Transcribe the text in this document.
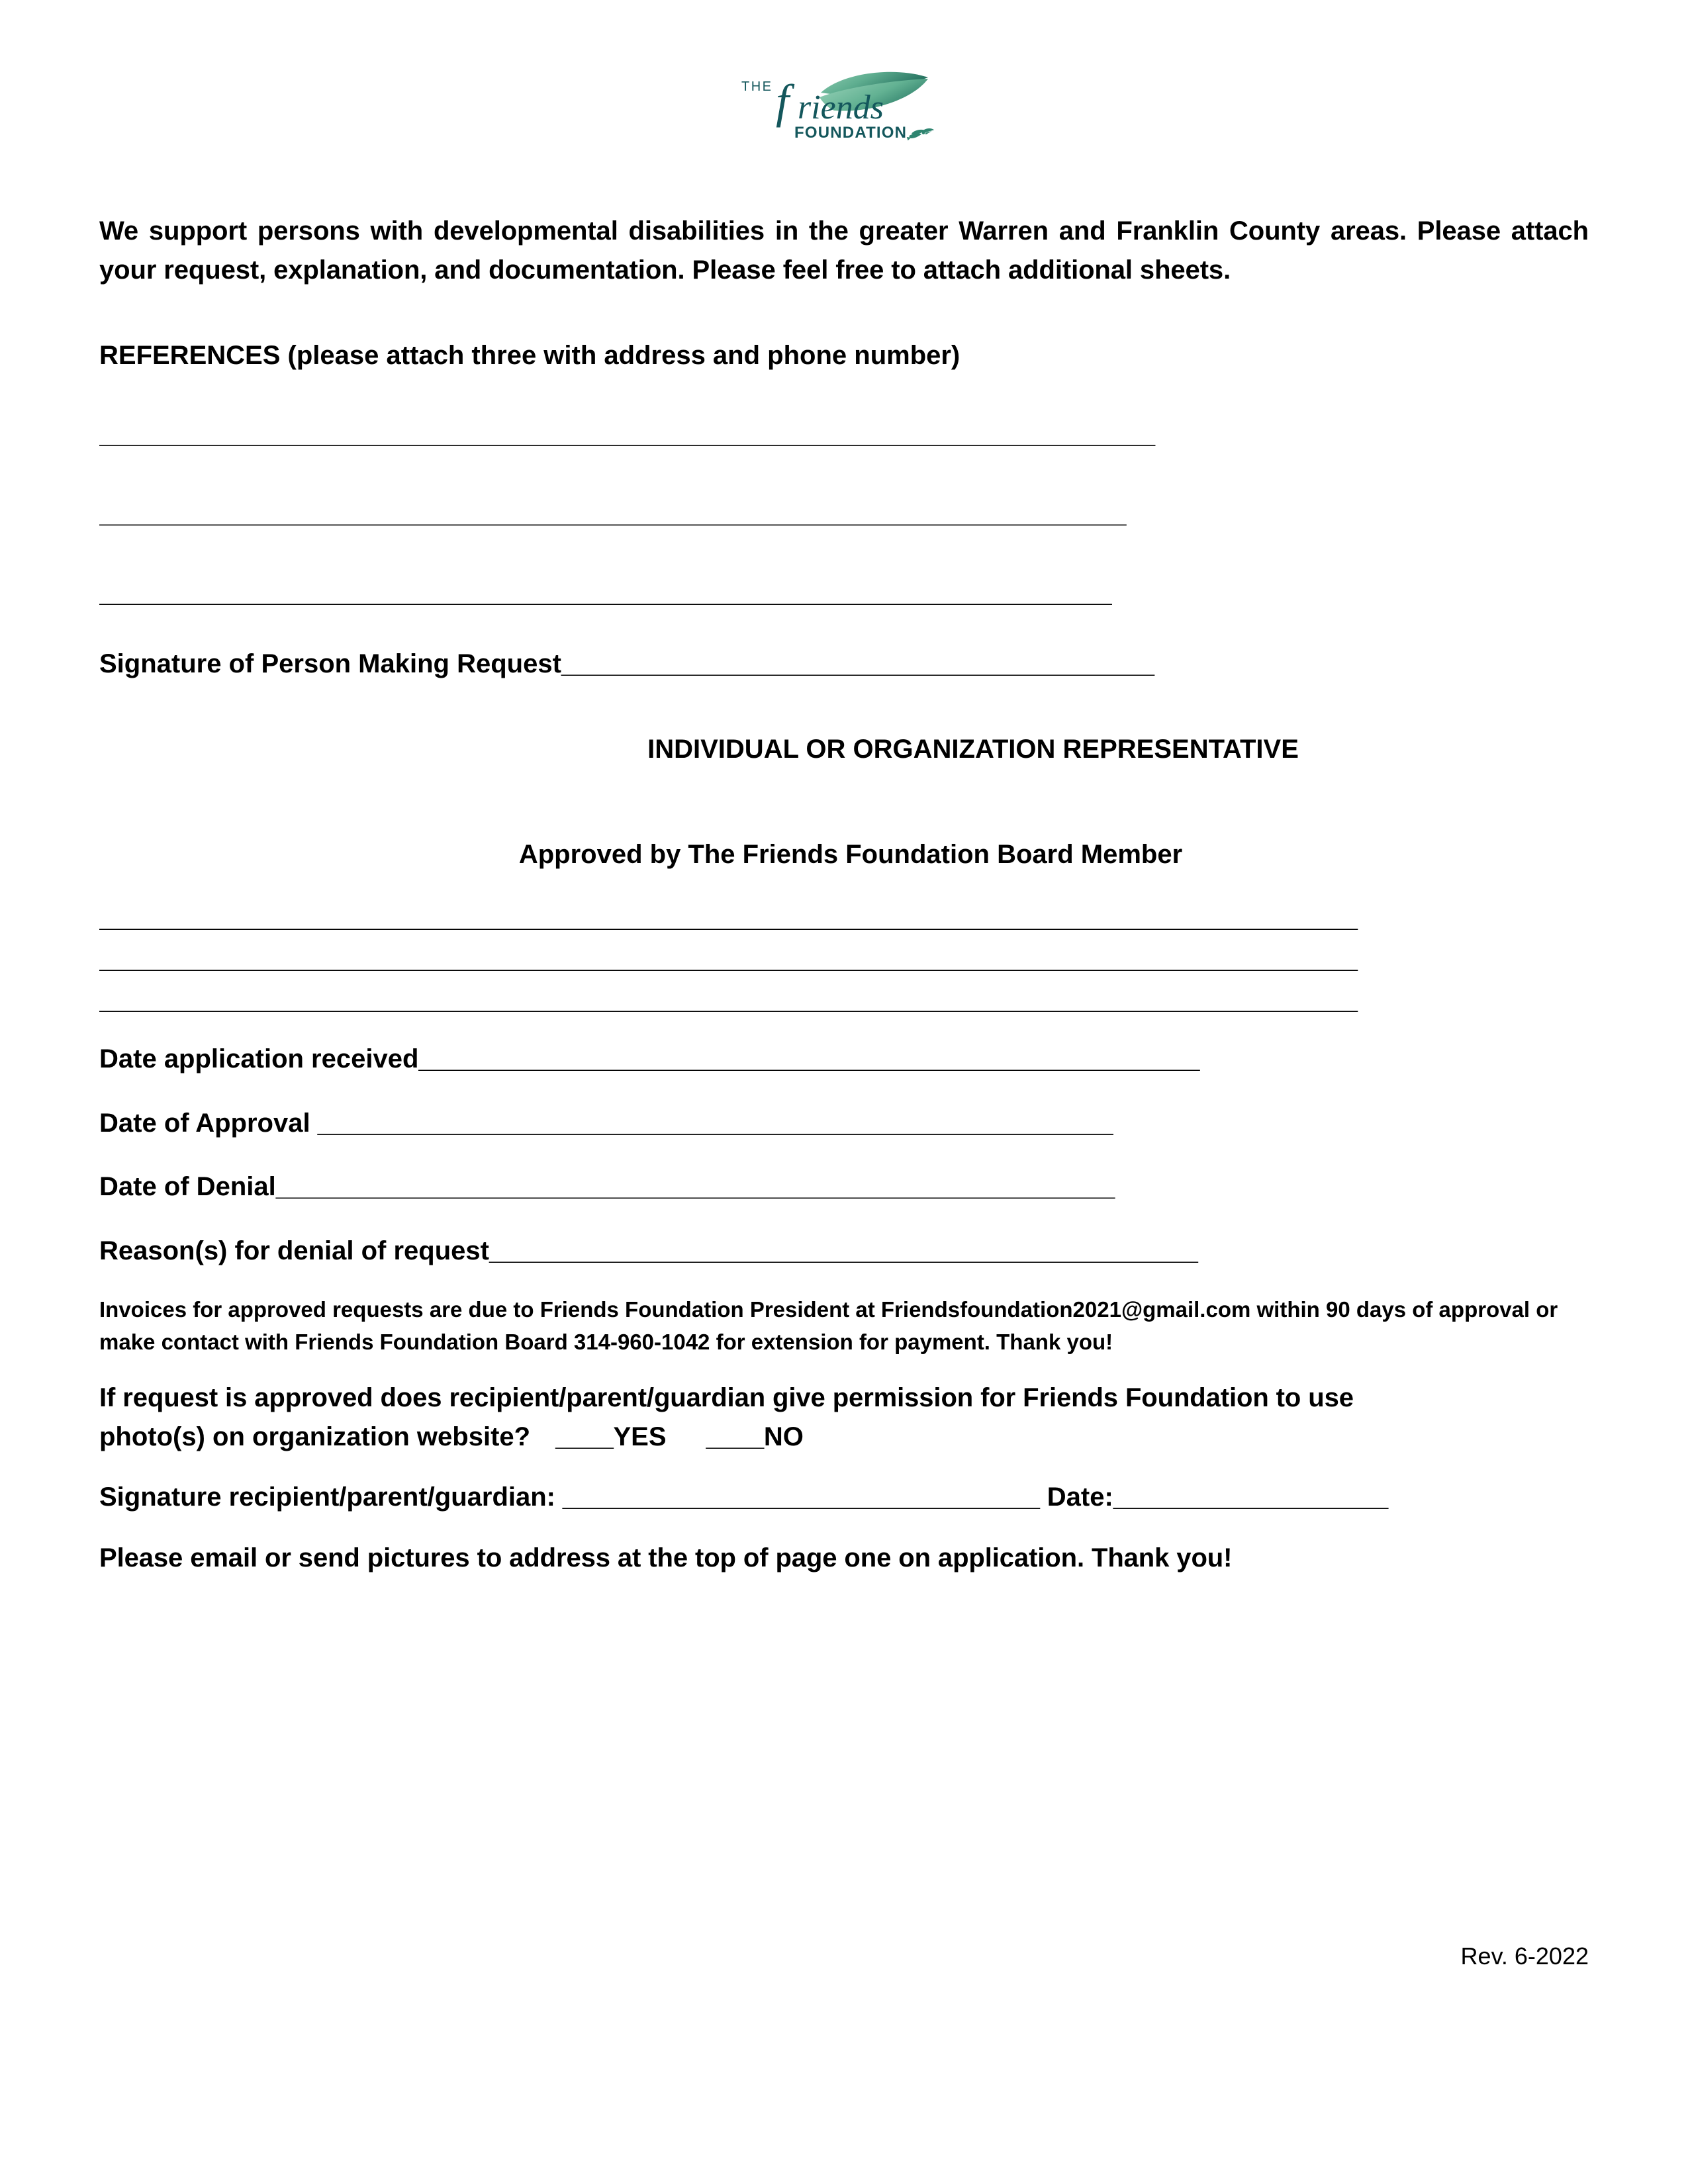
THE f riends
FOUNDATION
We support persons with developmental disabilities in the greater Warren and Franklin County areas. Please attach your request, explanation, and documentation. Please feel free to attach additional sheets.
REFERENCES (please attach three with address and phone number)
_________________________________________________________________________
_______________________________________________________________________
______________________________________________________________________
Signature of Person Making Request_________________________________________
INDIVIDUAL OR ORGANIZATION REPRESENTATIVE
Approved by The Friends Foundation Board Member
_______________________________________________________________________________________
_______________________________________________________________________________________
_______________________________________________________________________________________
Date application received______________________________________________________
Date of Approval _______________________________________________________
Date of Denial__________________________________________________________
Reason(s) for denial of request_________________________________________________
Invoices for approved requests are due to Friends Foundation President at Friendsfoundation2021@gmail.com within 90 days of approval or make contact with Friends Foundation Board 314-960-1042 for extension for payment. Thank you!
If request is approved does recipient/parent/guardian give permission for Friends Foundation to use
photo(s) on organization website? ____YES ____NO
Signature recipient/parent/guardian: _________________________________ Date:___________________
Please email or send pictures to address at the top of page one on application. Thank you!
Rev. 6-2022
